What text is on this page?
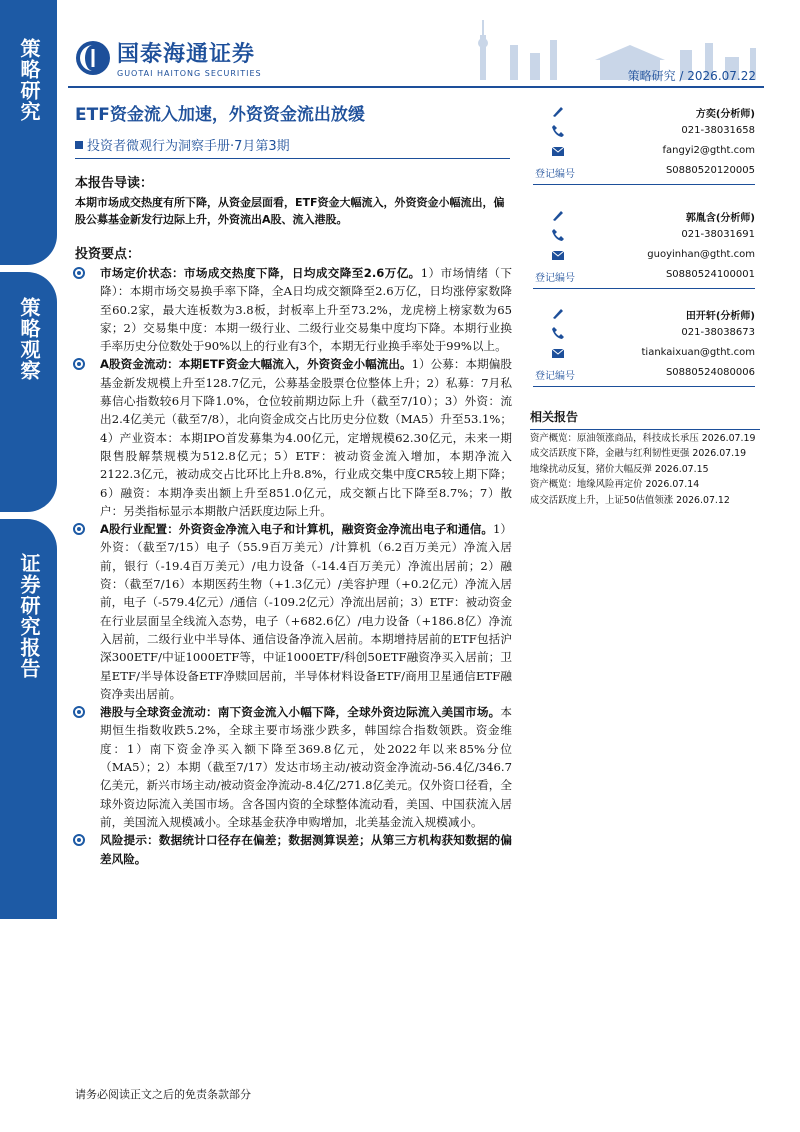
策略研究
策略观察
证券研究报告
国泰海通证券
GUOTAI HAITONG SECURITIES	策略研究 / 2026.07.22
ETF资金流入加速，外资资金流出放缓
投资者微观行为洞察手册·7月第3期
本报告导读：
本期市场成交热度有所下降，从资金层面看，ETF资金大幅流入，外资资金小幅流出，偏股公募基金新发行边际上升，外资流出A股、流入港股。
投资要点：
市场定价状态：市场成交热度下降，日均成交降至2.6万亿。1）市场情绪（下降）：本期市场交易换手率下降，全A日均成交额降至2.6万亿，日均涨停家数降至60.2家，最大连板数为3.8板，封板率上升至73.2%，龙虎榜上榜家数为65家；2）交易集中度：本期一级行业、二级行业交易集中度均下降。本期行业换手率历史分位数处于90%以上的行业有3个，本期无行业换手率处于99%以上。
A股资金流动：本期ETF资金大幅流入，外资资金小幅流出。1）公募：本期偏股基金新发规模上升至128.7亿元，公募基金股票仓位整体上升；2）私募：7月私募信心指数较6月下降1.0%，仓位较前期边际上升（截至7/10）；3）外资：流出2.4亿美元（截至7/8），北向资金成交占比历史分位数（MA5）升至53.1%；4）产业资本：本期IPO首发募集为4.00亿元，定增规模62.30亿元，未来一期限售股解禁规模为512.8亿元；5）ETF：被动资金流入增加，本期净流入2122.3亿元，被动成交占比环比上升8.8%，行业成交集中度CR5较上期下降；6）融资：本期净卖出额上升至851.0亿元，成交额占比下降至8.7%；7）散户：另类指标显示本期散户活跃度边际上升。
A股行业配置：外资资金净流入电子和计算机，融资资金净流出电子和通信。1）外资：（截至7/15）电子（55.9百万美元）/计算机（6.2百万美元）净流入居前，银行（-19.4百万美元）/电力设备（-14.4百万美元）净流出居前；2）融资：（截至7/16）本期医药生物（+1.3亿元）/美容护理（+0.2亿元）净流入居前，电子（-579.4亿元）/通信（-109.2亿元）净流出居前；3）ETF：被动资金在行业层面呈全线流入态势，电子（+682.6亿）/电力设备（+186.8亿）净流入居前，二级行业中半导体、通信设备净流入居前。本期增持居前的ETF包括沪深300ETF/中证1000ETF等，中证1000ETF/科创50ETF融资净买入居前；卫星ETF/半导体设备ETF净赎回居前，半导体材料设备ETF/商用卫星通信ETF融资净卖出居前。
港股与全球资金流动：南下资金流入小幅下降，全球外资边际流入美国市场。本期恒生指数收跌5.2%，全球主要市场涨少跌多，韩国综合指数领跌。资金维度：1）南下资金净买入额下降至369.8亿元，处2022年以来85%分位（MA5）；2）本期（截至7/17）发达市场主动/被动资金净流动-56.4亿/346.7亿美元，新兴市场主动/被动资金净流动-8.4亿/271.8亿美元。仅外资口径看，全球外资边际流入美国市场。含各国内资的全球整体流动看，美国、中国获流入居前，美国流入规模减小。全球基金获净申购增加，北美基金流入规模减小。
风险提示：数据统计口径存在偏差；数据测算误差；从第三方机构获知数据的偏差风险。
方奕(分析师)
021-38031658
fangyi2@gtht.com
登记编号	S0880520120005
郭胤含(分析师)
021-38031691
guoyinhan@gtht.com
登记编号	S0880524100001
田开轩(分析师)
021-38038673
tiankaixuan@gtht.com
登记编号	S0880524080006
相关报告
资产概览：原油领涨商品，科技成长承压 2026.07.19
成交活跃度下降，金融与红利韧性更强 2026.07.19
地缘扰动反复，猪价大幅反弹 2026.07.15
资产概览：地缘风险再定价 2026.07.14
成交活跃度上升，上证50估值领涨 2026.07.12
请务必阅读正文之后的免责条款部分
